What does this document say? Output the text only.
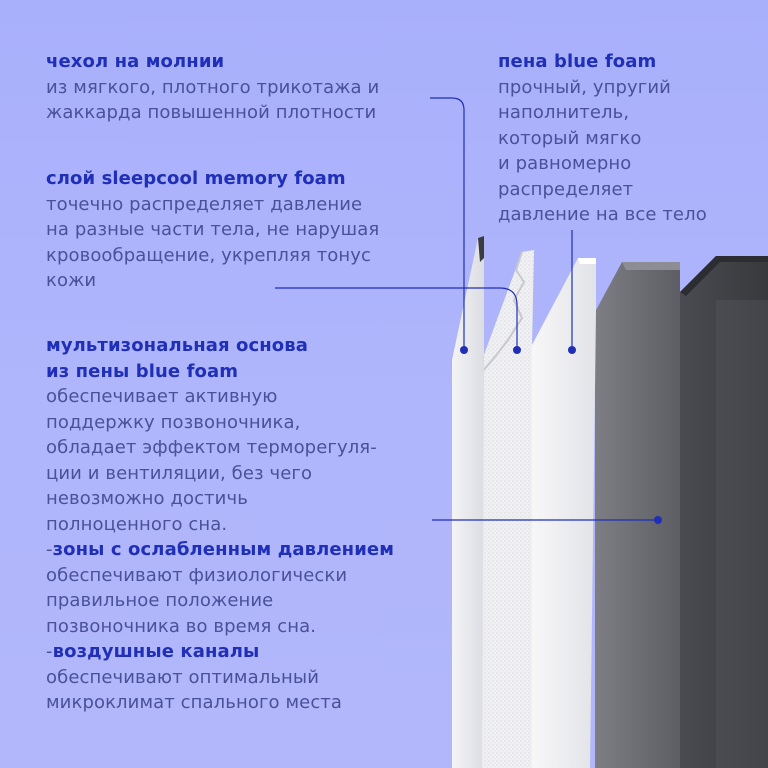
чехол на молнии
из мягкого, плотного трикотажа и
жаккарда повышенной плотности
слой sleepcool memory foam
точечно распределяет давление
на разные части тела, не нарушая
кровообращение, укрепляя тонус
кожи
мультизональная основа
из пены blue foam
обеспечивает активную
поддержку позвоночника,
обладает эффектом терморегуля-
ции и вентиляции, без чего
невозможно достичь
полноценного сна.
-зоны с ослабленным давлением
обеспечивают физиологически
правильное положение
позвоночника во время сна.
-воздушные каналы
обеспечивают оптимальный
микроклимат спального места
пена blue foam
прочный, упругий
наполнитель,
который мягко
и равномерно
распределяет
давление на все тело
